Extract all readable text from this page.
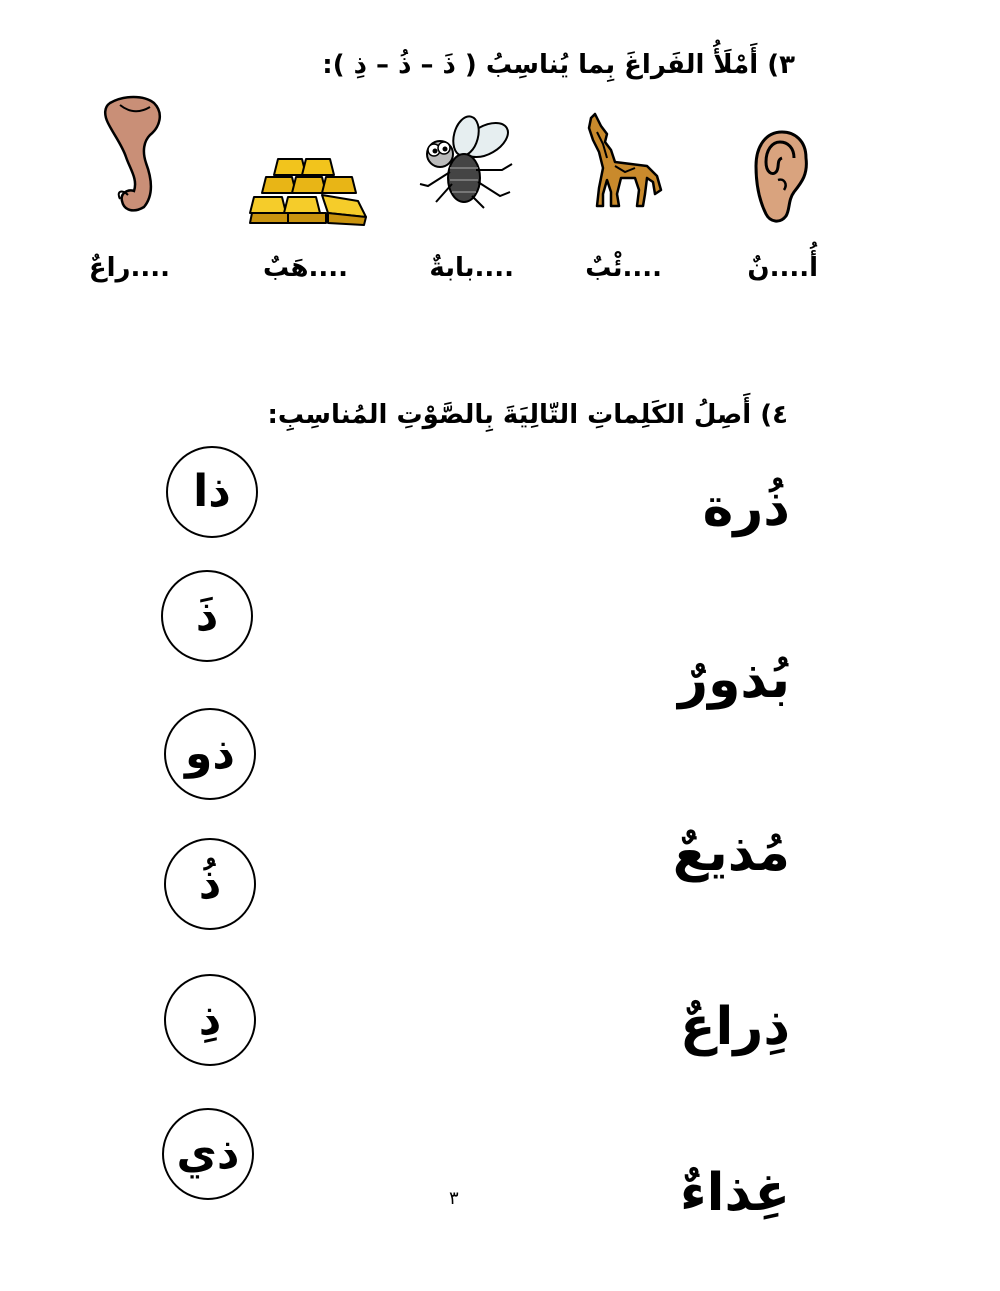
٣) أَمْلَأُ الفَراغَ بِما يُناسِبُ ( ذَ – ذُ – ذِ ):
أُ....نٌ
....ئْبٌ
....بابةٌ
....هَبٌ
....راعٌ
٤) أَصِلُ الكَلِماتِ التّالِيَةَ بِالصَّوْتِ المُناسِبِ:
ذُرة
بُذورٌ
مُذيعٌ
ذِراعٌ
غِذاءٌ
ذا
ذَ
ذو
ذُ
ذِ
ذي
٣
